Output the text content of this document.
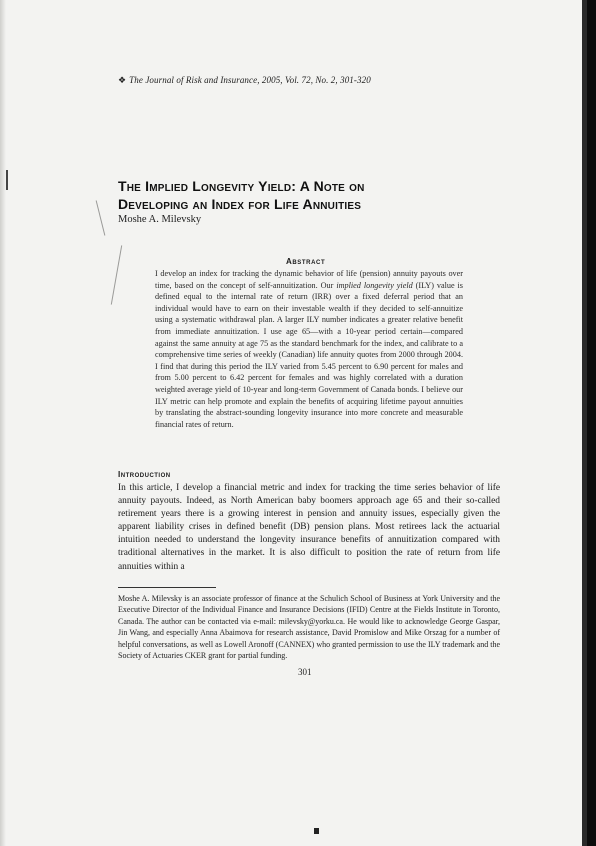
❖ The Journal of Risk and Insurance, 2005, Vol. 72, No. 2, 301-320
The Implied Longevity Yield: A Note on
Developing an Index for Life Annuities
Moshe A. Milevsky
Abstract
I develop an index for tracking the dynamic behavior of life (pension) annuity payouts over time, based on the concept of self-annuitization. Our implied longevity yield (ILY) value is defined equal to the internal rate of return (IRR) over a fixed deferral period that an individual would have to earn on their investable wealth if they decided to self-annuitize using a systematic withdrawal plan. A larger ILY number indicates a greater relative benefit from immediate annuitization. I use age 65—with a 10-year period certain—compared against the same annuity at age 75 as the standard benchmark for the index, and calibrate to a comprehensive time series of weekly (Canadian) life annuity quotes from 2000 through 2004. I find that during this period the ILY varied from 5.45 percent to 6.90 percent for males and from 5.00 percent to 6.42 percent for females and was highly correlated with a duration weighted average yield of 10-year and long-term Government of Canada bonds. I believe our ILY metric can help promote and explain the benefits of acquiring lifetime payout annuities by translating the abstract-sounding longevity insurance into more concrete and measurable financial rates of return.
Introduction
In this article, I develop a financial metric and index for tracking the time series behavior of life annuity payouts. Indeed, as North American baby boomers approach age 65 and their so-called retirement years there is a growing interest in pension and annuity issues, especially given the apparent liability crises in defined benefit (DB) pension plans. Most retirees lack the actuarial intuition needed to understand the longevity insurance benefits of annuitization compared with traditional alternatives in the market. It is also difficult to position the rate of return from life annuities within a
Moshe A. Milevsky is an associate professor of finance at the Schulich School of Business at York University and the Executive Director of the Individual Finance and Insurance Decisions (IFID) Centre at the Fields Institute in Toronto, Canada. The author can be contacted via e-mail: milevsky@yorku.ca. He would like to acknowledge George Gaspar, Jin Wang, and especially Anna Abaimova for research assistance, David Promislow and Mike Orszag for a number of helpful conversations, as well as Lowell Aronoff (CANNEX) who granted permission to use the ILY trademark and the Society of Actuaries CKER grant for partial funding.
301
